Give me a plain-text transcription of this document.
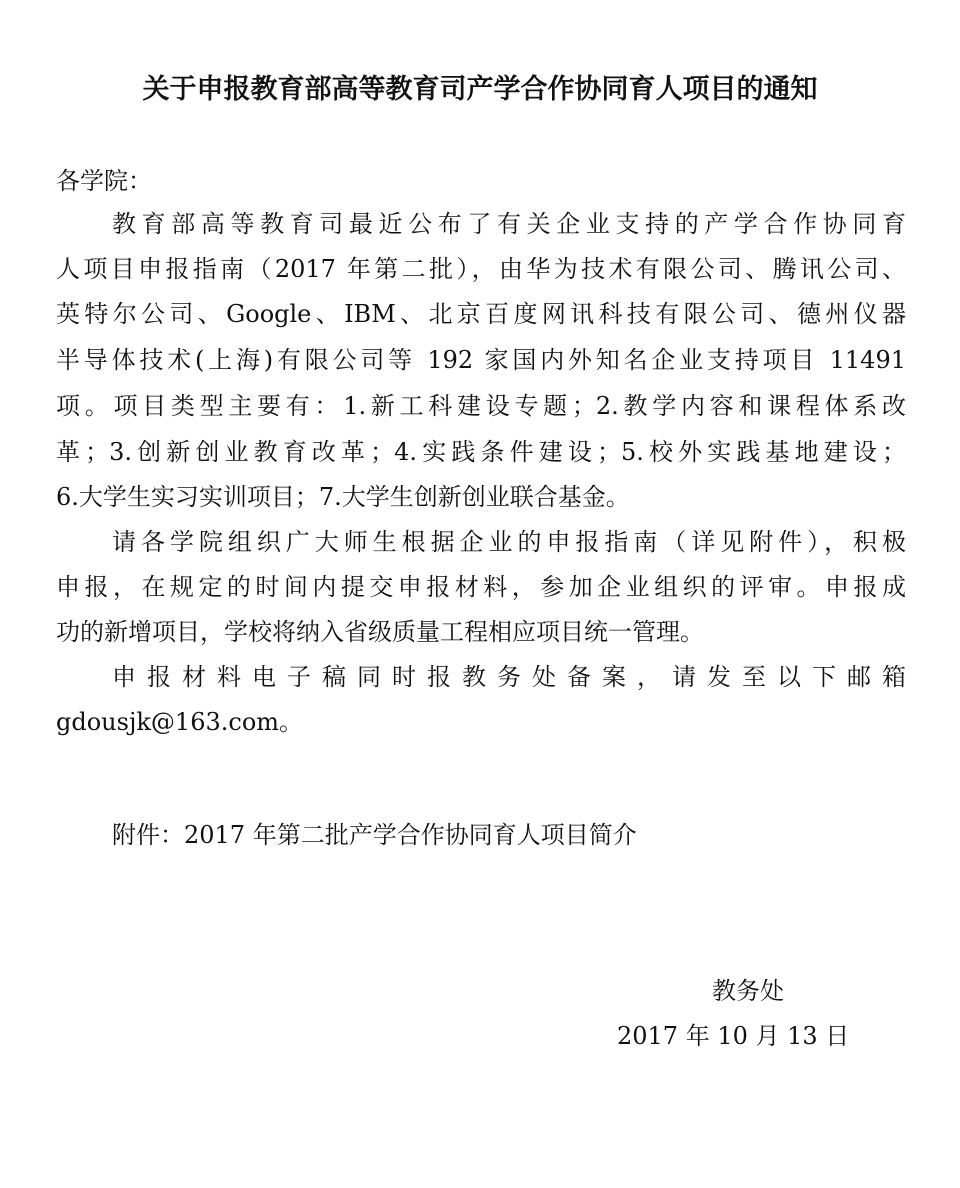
关于申报教育部高等教育司产学合作协同育人项目的通知
各学院：
教育部高等教育司最近公布了有关企业支持的产学合作协同育
人项目申报指南（2017 年第二批），由华为技术有限公司、腾讯公司、
英特尔公司、Google、IBM、北京百度网讯科技有限公司、德州仪器
半导体技术(上海)有限公司等 192 家国内外知名企业支持项目 11491
项。项目类型主要有：1.新工科建设专题；2.教学内容和课程体系改
革；3.创新创业教育改革；4.实践条件建设；5.校外实践基地建设；
6.大学生实习实训项目；7.大学生创新创业联合基金。
请各学院组织广大师生根据企业的申报指南（详见附件），积极
申报，在规定的时间内提交申报材料，参加企业组织的评审。申报成
功的新增项目，学校将纳入省级质量工程相应项目统一管理。
申报材料电子稿同时报教务处备案，请发至以下邮箱
gdousjk@163.com。
附件：2017 年第二批产学合作协同育人项目简介
教务处
2017 年 10 月 13 日
